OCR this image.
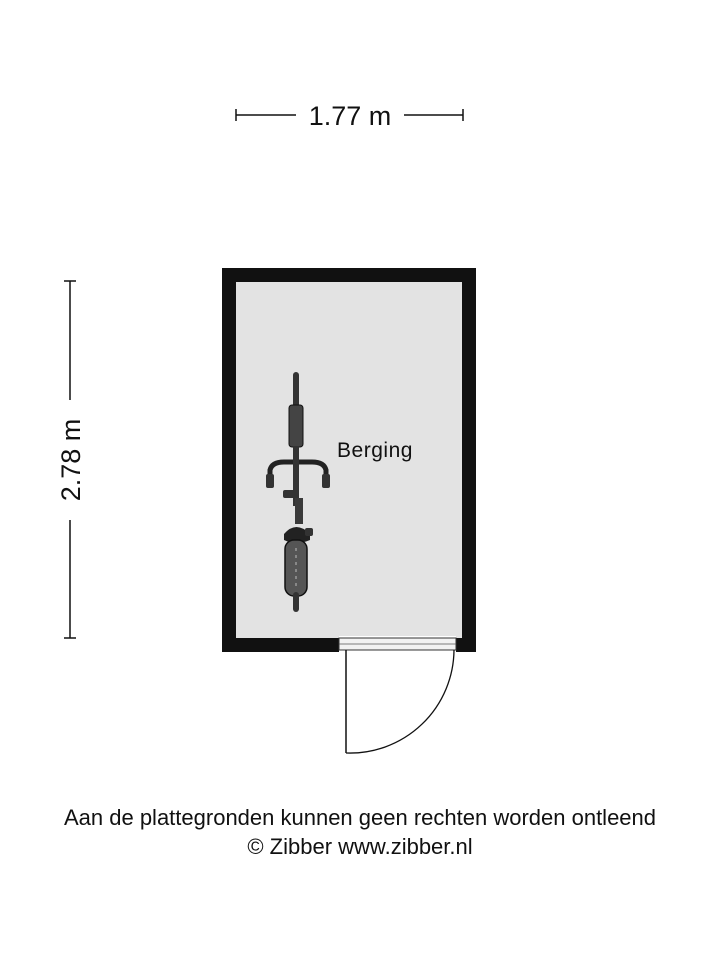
1.77 m
2.78 m	Berging
Aan de plattegronden kunnen geen rechten worden ontleend
© Zibber www.zibber.nl
